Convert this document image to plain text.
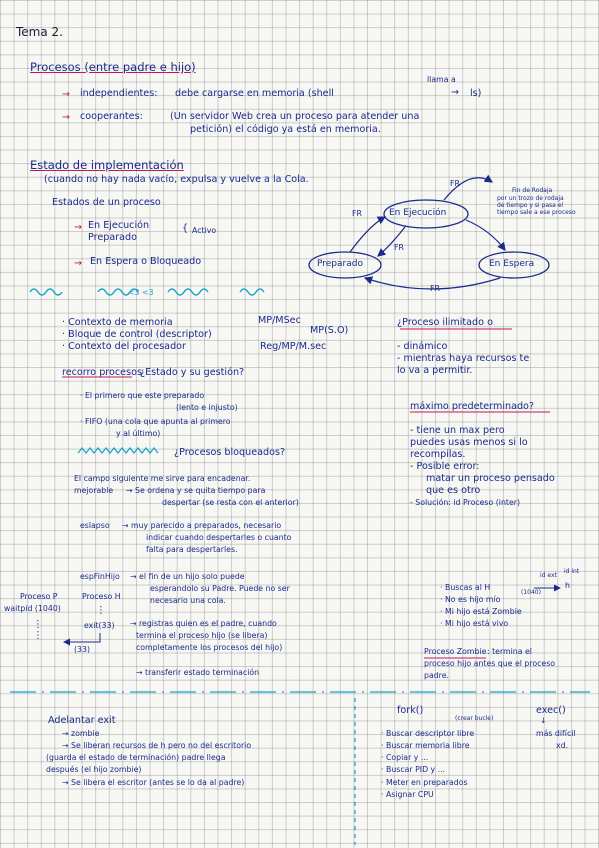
Tema 2.
Procesos (entre padre e hijo)
→ independientes: debe cargarse en memoria (shell
llama a
→ ls)
→ cooperantes:	(Un servidor Web crea un proceso para atender una
petición) el código ya está en memoria.
Estado de implementación
(cuando no hay nada vacío, expulsa y vuelve a la Cola.
Estados de un proceso
→ En Ejecución
Preparado
{ Activo
→ En Espera o Bloqueado
En Ejecución
Preparado	En Espera
FR
FR
FR
FR
Fin de Rodaja
por un trozo de rodaja
de tiempo y si pasa el
tiempo sale a ese proceso
<3 <3
· Contexto de memoria	MP/MSec
· Bloque de control (descriptor)	MP(S.O)
· Contexto del procesador	Reg/MP/M.sec
recorro procesos
¿Estado y su gestión?
· El primero que este preparado
(lento e injusto)
· FIFO (una cola que apunta al primero
y al último)
¿Procesos bloqueados?
El campo siguiente me sirve para encadenar.
mejorable → Se ordena y se quita tiempo para
despertar (se resta con el anterior)
eslapso → muy parecido a preparados, necesario
indicar cuando despertarles o cuanto
falta para despertarles.
espFinHijo → el fin de un hijo solo puede
esperandolo su Padre. Puede no ser
necesario una cola.
Proceso P	Proceso H
waitpid (1040)
⋮
⋮
⋮
exit(33)
(33)
→ registras quien es el padre, cuando
termina el proceso hijo (se libera)
completamente los procesos del hijo)
→ transferir estado terminación
¿Proceso ilimitado o
- dinámico
- mientras haya recursos te
lo va a permitir.
máximo predeterminado?
- tiene un max pero
puedes usas menos si lo
recompilas.
- Posible error:
matar un proceso pensado
que es otro
- Solución: id Proceso (inter)
id ext
id int
· Buscas al H
(1040)
h
· No es hijo mío
· Mi hijo está Zombie
· Mi hijo está vivo
Proceso Zombie : termina el
proceso hijo antes que el proceso
padre.
Adelantar exit
→ zombie
→ Se liberan recursos de h pero no del escritorio
(guarda el estado de terminación) padre llega
después (el hijo zombie)
→ Se libera el escritor (antes se lo da al padre)
fork()
(crear bucle)
exec()
↓
más difícil
xd.
· Buscar descriptor libre
· Buscar memoria libre
· Copiar y ...
· Buscar PID y ...
· Meter en preparados
· Asignar CPU
